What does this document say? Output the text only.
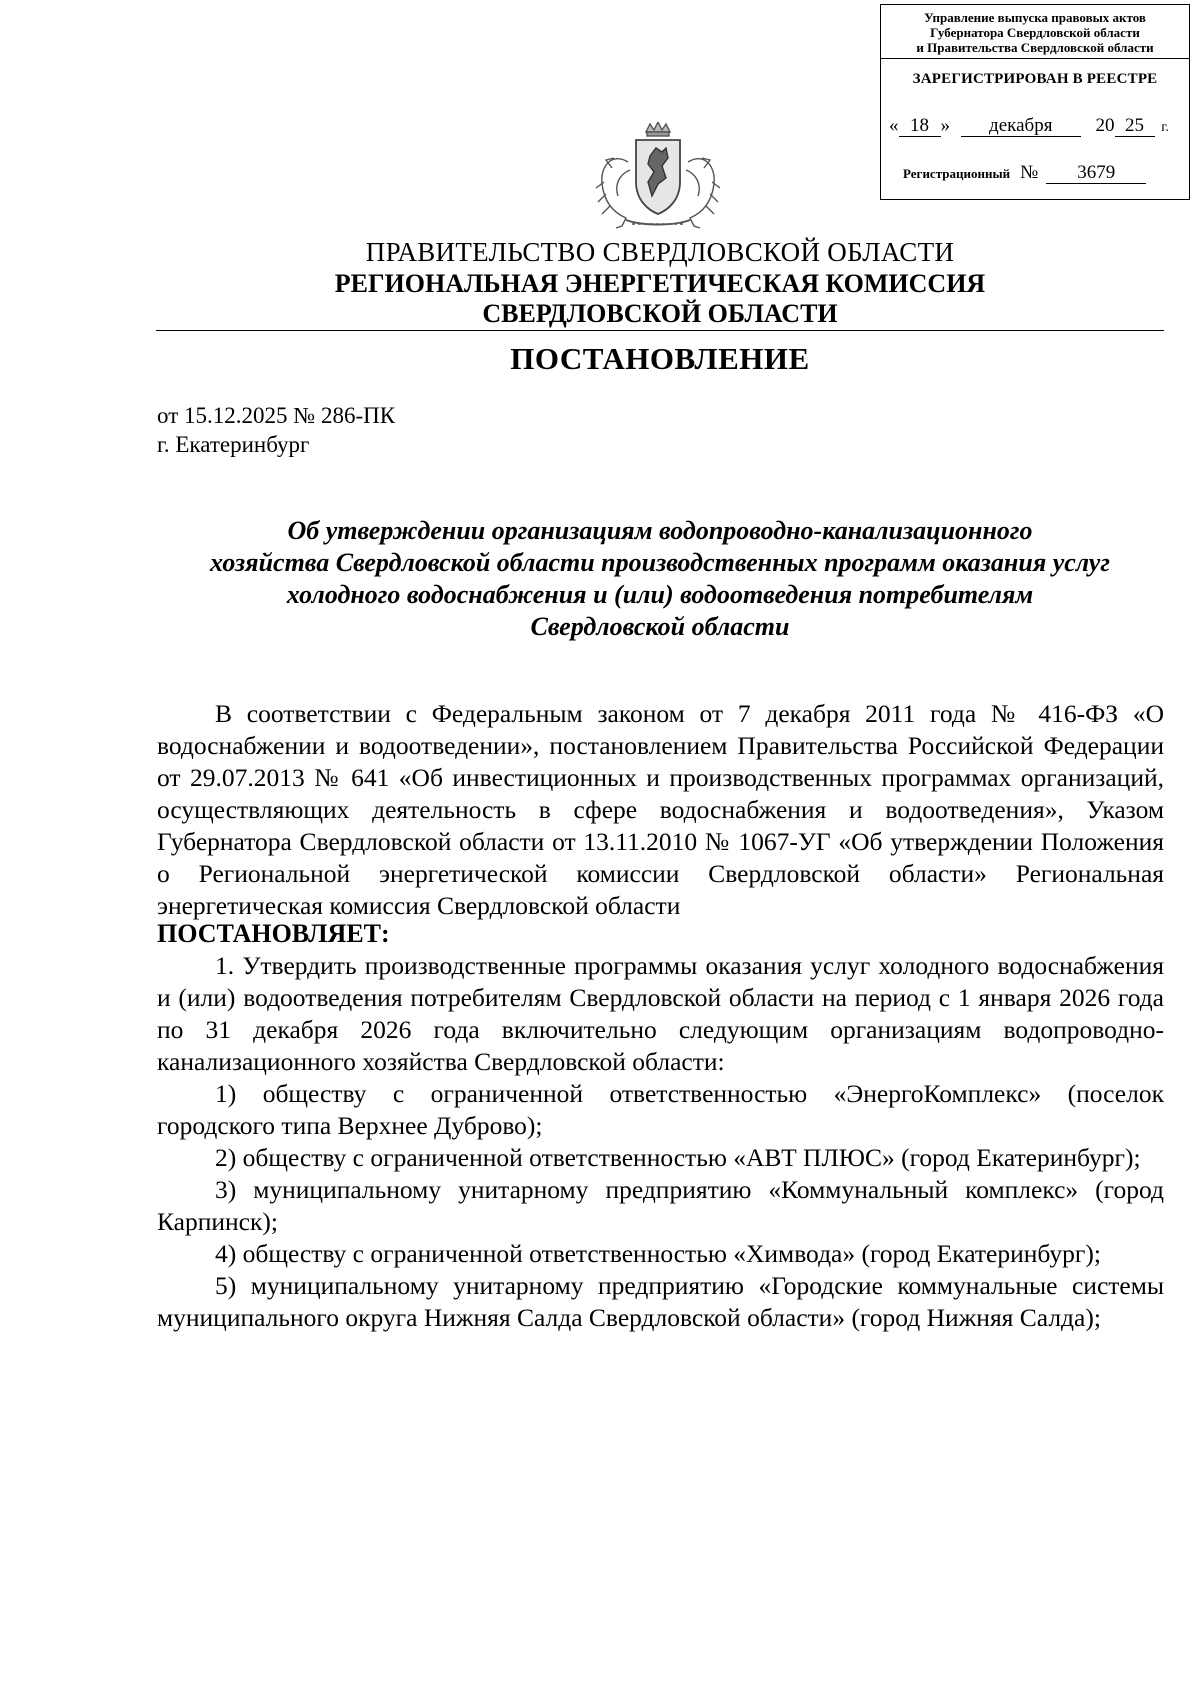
Управление выпуска правовых актов
Губернатора Свердловской области
и Правительства Свердловской области
ЗАРЕГИСТРИРОВАН В РЕЕСТРЕ
« 18 » декабря 20 25 г.
Регистрационный № 3679
ПРАВИТЕЛЬСТВО СВЕРДЛОВСКОЙ ОБЛАСТИ
РЕГИОНАЛЬНАЯ ЭНЕРГЕТИЧЕСКАЯ КОМИССИЯ
СВЕРДЛОВСКОЙ ОБЛАСТИ
ПОСТАНОВЛЕНИЕ
от 15.12.2025 № 286-ПК
г. Екатеринбург
Об утверждении организациям водопроводно-канализационного
хозяйства Свердловской области производственных программ оказания услуг
холодного водоснабжения и (или) водоотведения потребителям
Свердловской области

В соответствии с Федеральным законом от 7 декабря 2011 года № 416-ФЗ «О водоснабжении и водоотведении», постановлением Правительства Российской Федерации от 29.07.2013 № 641 «Об инвестиционных и производственных программах организаций, осуществляющих деятельность в сфере водоснабжения и водоотведения», Указом Губернатора Свердловской области от 13.11.2010 № 1067-УГ «Об утверждении Положения о Региональной энергетической комиссии Свердловской области» Региональная энергетическая комиссия Свердловской области

ПОСТАНОВЛЯЕТ:

1. Утвердить производственные программы оказания услуг холодного водоснабжения и (или) водоотведения потребителям Свердловской области на период с 1 января 2026 года по 31 декабря 2026 года включительно следующим организациям водопроводно-канализационного хозяйства Свердловской области:

1) обществу с ограниченной ответственностью «ЭнергоКомплекс» (поселок городского типа Верхнее Дуброво);

2) обществу с ограниченной ответственностью «АВТ ПЛЮС» (город Екатеринбург);

3) муниципальному унитарному предприятию «Коммунальный комплекс» (город Карпинск);

4) обществу с ограниченной ответственностью «Химвода» (город Екатеринбург);

5) муниципальному унитарному предприятию «Городские коммунальные системы муниципального округа Нижняя Салда Свердловской области» (город Нижняя Салда);
